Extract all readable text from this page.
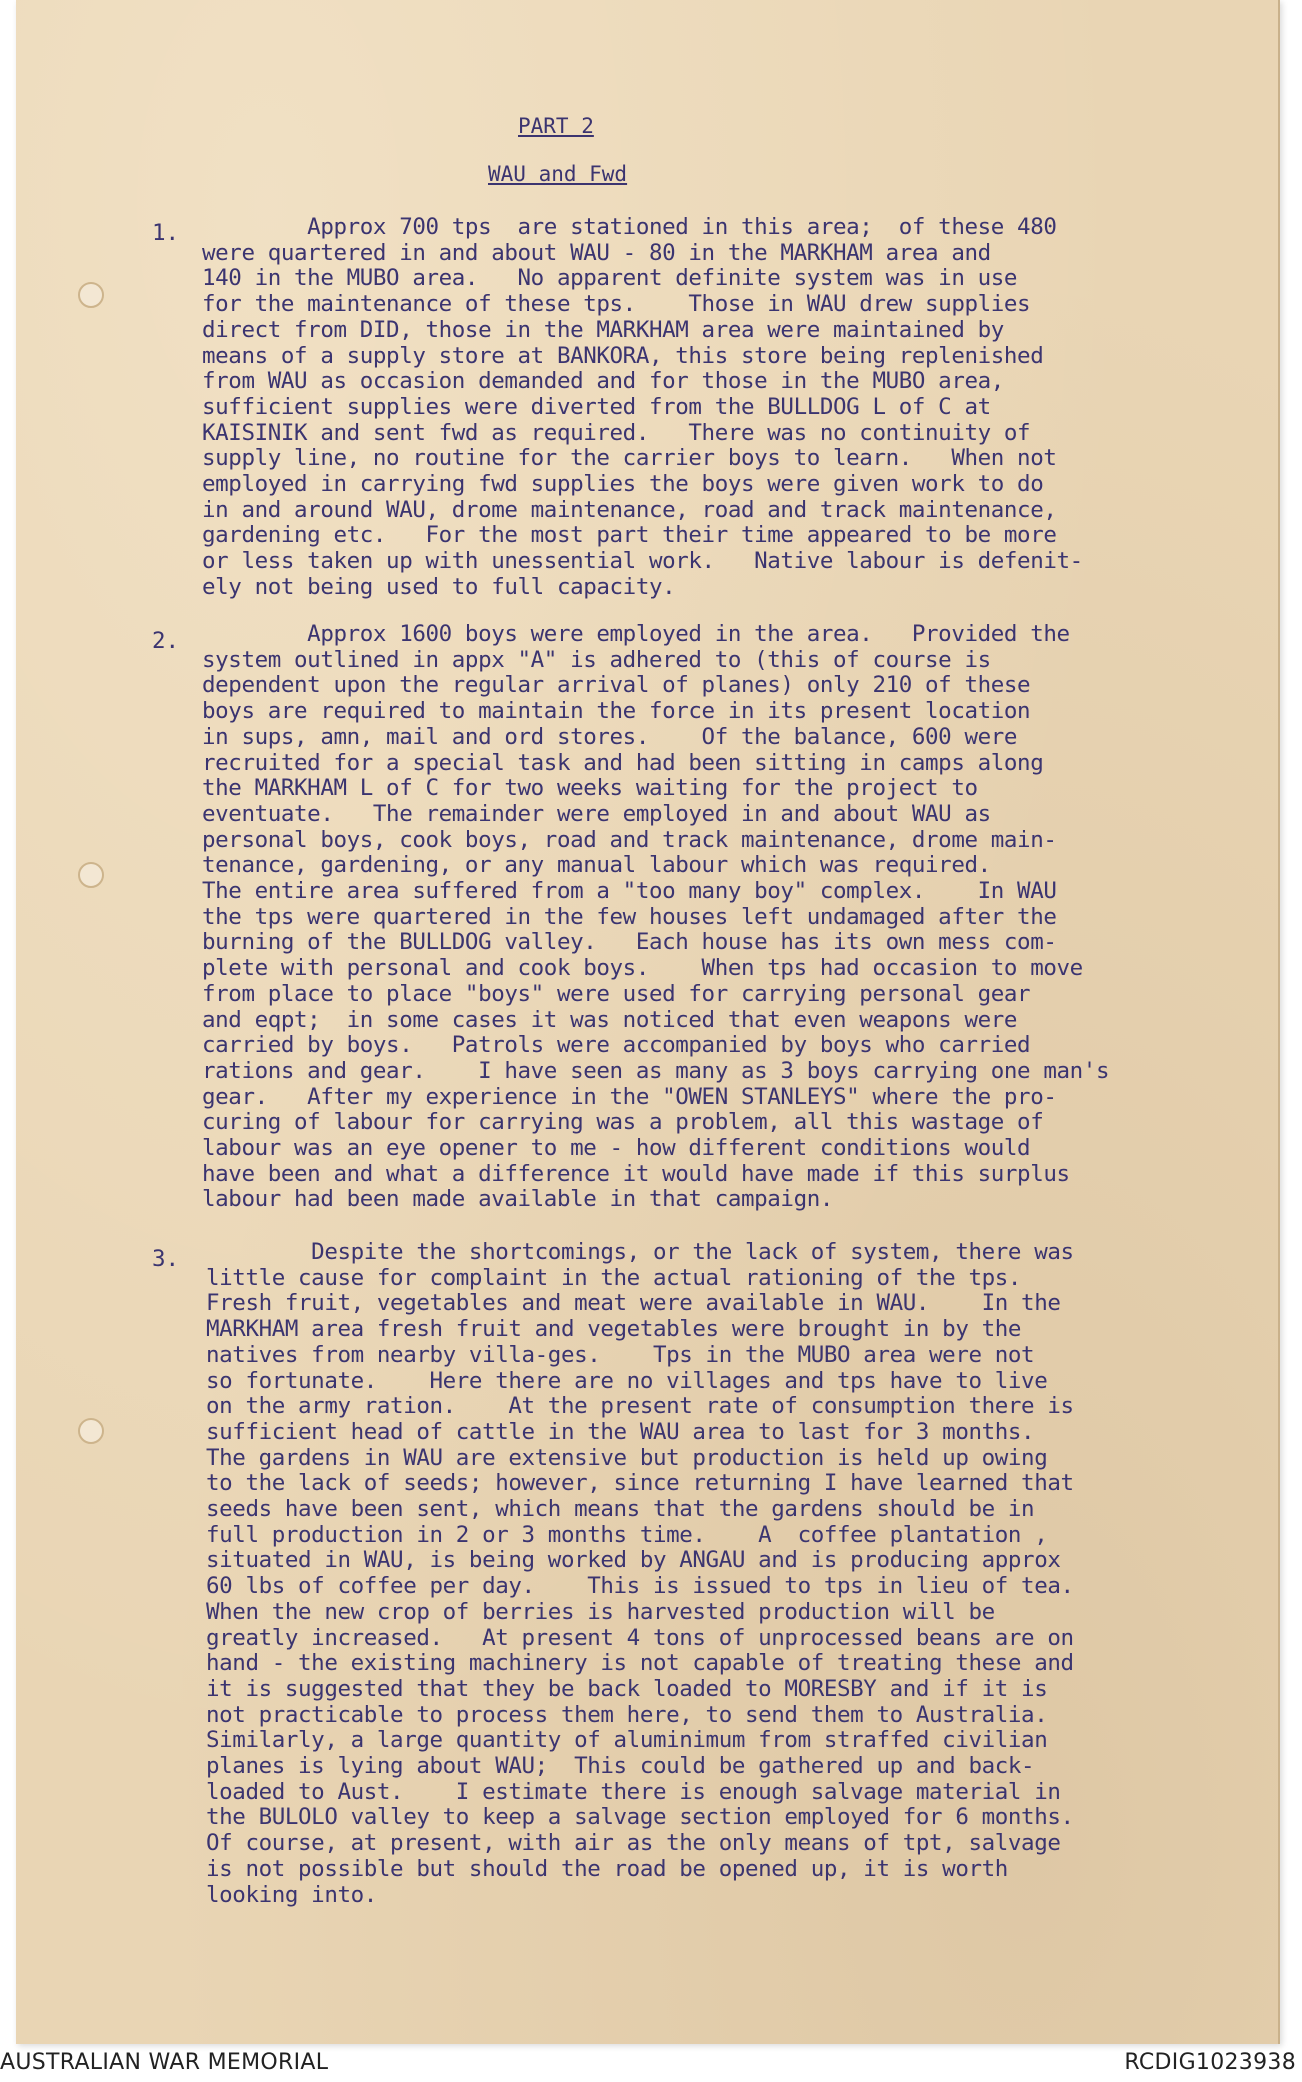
PART 2
WAU and Fwd
1.	Approx 700 tps  are stationed in this area;  of these 480
were quartered in and about WAU - 80 in the MARKHAM area and
140 in the MUBO area.   No apparent definite system was in use
for the maintenance of these tps.    Those in WAU drew supplies
direct from DID, those in the MARKHAM area were maintained by
means of a supply store at BANKORA, this store being replenished
from WAU as occasion demanded and for those in the MUBO area,
sufficient supplies were diverted from the BULLDOG L of C at
KAISINIK and sent fwd as required.   There was no continuity of
supply line, no routine for the carrier boys to learn.   When not
employed in carrying fwd supplies the boys were given work to do
in and around WAU, drome maintenance, road and track maintenance,
gardening etc.   For the most part their time appeared to be more
or less taken up with unessential work.   Native labour is defenit-
ely not being used to full capacity.
2.	Approx 1600 boys were employed in the area.   Provided the
system outlined in appx "A" is adhered to (this of course is
dependent upon the regular arrival of planes) only 210 of these
boys are required to maintain the force in its present location
in sups, amn, mail and ord stores.    Of the balance, 600 were
recruited for a special task and had been sitting in camps along
the MARKHAM L of C for two weeks waiting for the project to
eventuate.   The remainder were employed in and about WAU as
personal boys, cook boys, road and track maintenance, drome main-
tenance, gardening, or any manual labour which was required.
The entire area suffered from a "too many boy" complex.    In WAU
the tps were quartered in the few houses left undamaged after the
burning of the BULLDOG valley.   Each house has its own mess com-
plete with personal and cook boys.    When tps had occasion to move
from place to place "boys" were used for carrying personal gear
and eqpt;  in some cases it was noticed that even weapons were
carried by boys.   Patrols were accompanied by boys who carried
rations and gear.    I have seen as many as 3 boys carrying one man's
gear.   After my experience in the "OWEN STANLEYS" where the pro-
curing of labour for carrying was a problem, all this wastage of
labour was an eye opener to me - how different conditions would
have been and what a difference it would have made if this surplus
labour had been made available in that campaign.
3.	Despite the shortcomings, or the lack of system, there was
little cause for complaint in the actual rationing of the tps.
Fresh fruit, vegetables and meat were available in WAU.    In the
MARKHAM area fresh fruit and vegetables were brought in by the
natives from nearby villa-ges.    Tps in the MUBO area were not
so fortunate.    Here there are no villages and tps have to live
on the army ration.    At the present rate of consumption there is
sufficient head of cattle in the WAU area to last for 3 months.
The gardens in WAU are extensive but production is held up owing
to the lack of seeds; however, since returning I have learned that
seeds have been sent, which means that the gardens should be in
full production in 2 or 3 months time.    A  coffee plantation ,
situated in WAU, is being worked by ANGAU and is producing approx
60 lbs of coffee per day.    This is issued to tps in lieu of tea.
When the new crop of berries is harvested production will be
greatly increased.   At present 4 tons of unprocessed beans are on
hand - the existing machinery is not capable of treating these and
it is suggested that they be back loaded to MORESBY and if it is
not practicable to process them here, to send them to Australia.
Similarly, a large quantity of aluminimum from straffed civilian
planes is lying about WAU;  This could be gathered up and back-
loaded to Aust.    I estimate there is enough salvage material in
the BULOLO valley to keep a salvage section employed for 6 months.
Of course, at present, with air as the only means of tpt, salvage
is not possible but should the road be opened up, it is worth
looking into.
AUSTRALIAN WAR MEMORIAL	RCDIG1023938
